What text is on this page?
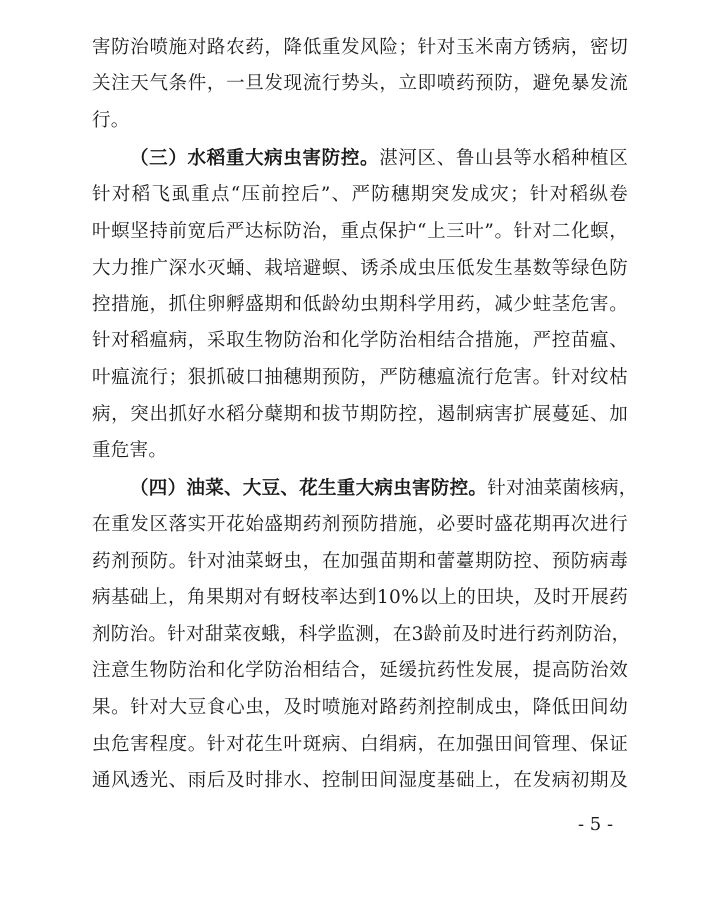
害防治喷施对路农药，降低重发风险；针对玉米南方锈病，密切
关注天气条件，一旦发现流行势头，立即喷药预防，避免暴发流
行。
（三）水稻重大病虫害防控。湛河区、鲁山县等水稻种植区
针对稻飞虱重点“压前控后”、严防穗期突发成灾；针对稻纵卷
叶螟坚持前宽后严达标防治，重点保护“上三叶”。针对二化螟，
大力推广深水灭蛹、栽培避螟、诱杀成虫压低发生基数等绿色防
控措施，抓住卵孵盛期和低龄幼虫期科学用药，减少蛀茎危害。
针对稻瘟病，采取生物防治和化学防治相结合措施，严控苗瘟、
叶瘟流行；狠抓破口抽穗期预防，严防穗瘟流行危害。针对纹枯
病，突出抓好水稻分蘖期和拔节期防控，遏制病害扩展蔓延、加
重危害。
（四）油菜、大豆、花生重大病虫害防控。针对油菜菌核病，
在重发区落实开花始盛期药剂预防措施，必要时盛花期再次进行
药剂预防。针对油菜蚜虫，在加强苗期和蕾薹期防控、预防病毒
病基础上，角果期对有蚜枝率达到10%以上的田块，及时开展药
剂防治。针对甜菜夜蛾，科学监测，在3龄前及时进行药剂防治，
注意生物防治和化学防治相结合，延缓抗药性发展，提高防治效
果。针对大豆食心虫，及时喷施对路药剂控制成虫，降低田间幼
虫危害程度。针对花生叶斑病、白绢病，在加强田间管理、保证
通风透光、雨后及时排水、控制田间湿度基础上，在发病初期及
- 5 -
